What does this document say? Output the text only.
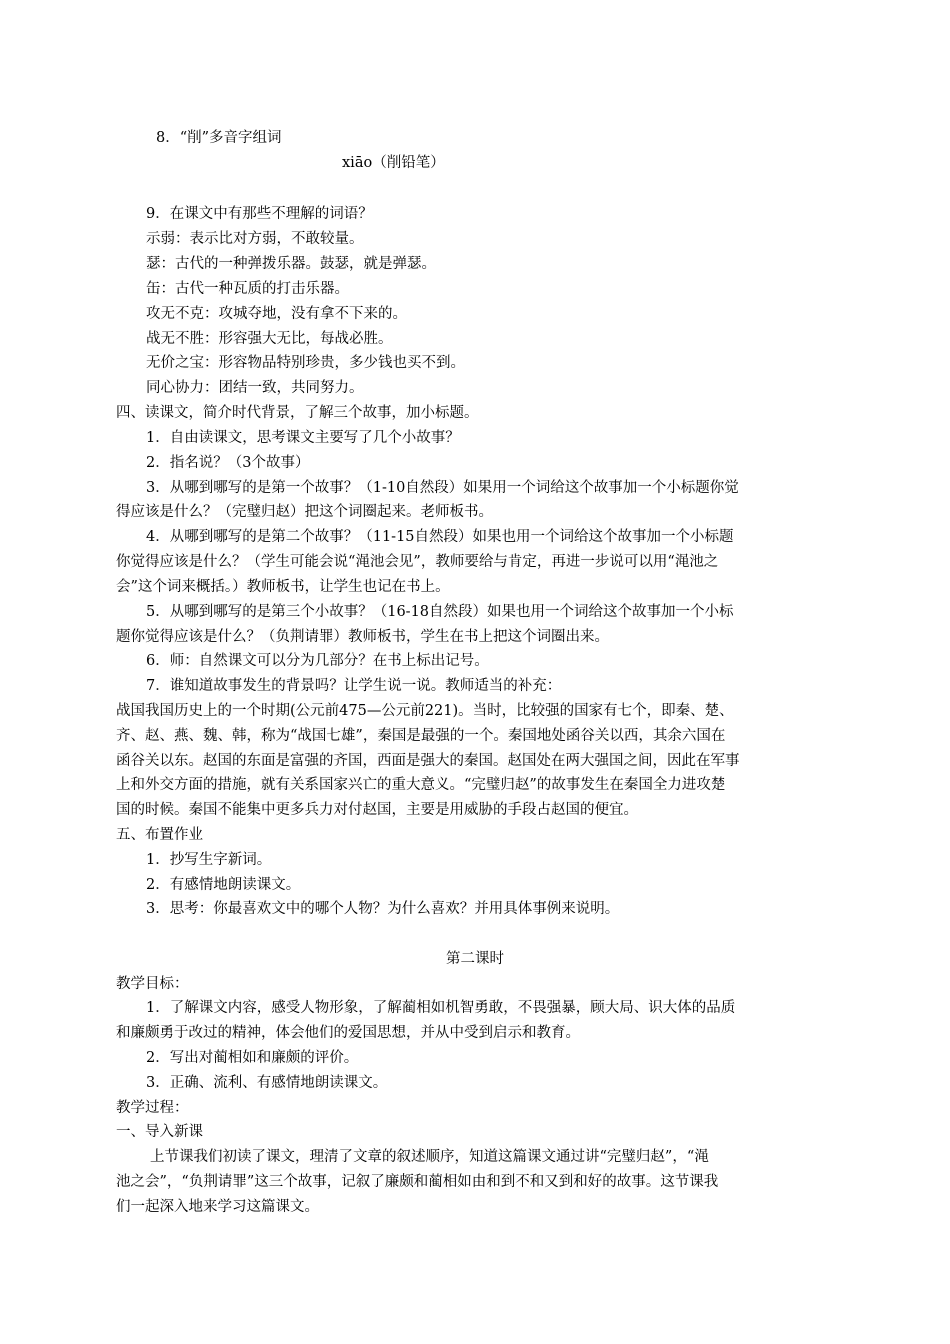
8．“削”多音字组词
xiāo（削铅笔）
9．在课文中有那些不理解的词语？
示弱：表示比对方弱，不敢较量。
瑟：古代的一种弹拨乐器。鼓瑟，就是弹瑟。
缶：古代一种瓦质的打击乐器。
攻无不克：攻城夺地，没有拿不下来的。
战无不胜：形容强大无比，每战必胜。
无价之宝：形容物品特别珍贵，多少钱也买不到。
同心协力：团结一致，共同努力。
四、读课文，简介时代背景，了解三个故事，加小标题。
1．自由读课文，思考课文主要写了几个小故事？
2．指名说？（3个故事）
3．从哪到哪写的是第一个故事？（1-10自然段）如果用一个词给这个故事加一个小标题你觉
得应该是什么？（完璧归赵）把这个词圈起来。老师板书。
4．从哪到哪写的是第二个故事？（11-15自然段）如果也用一个词给这个故事加一个小标题
你觉得应该是什么？（学生可能会说“渑池会见”，教师要给与肯定，再进一步说可以用“渑池之
会”这个词来概括。）教师板书，让学生也记在书上。
5．从哪到哪写的是第三个小故事？（16-18自然段）如果也用一个词给这个故事加一个小标
题你觉得应该是什么？（负荆请罪）教师板书，学生在书上把这个词圈出来。
6．师：自然课文可以分为几部分？在书上标出记号。
7．谁知道故事发生的背景吗？让学生说一说。教师适当的补充：
战国我国历史上的一个时期(公元前475—公元前221)。当时，比较强的国家有七个，即秦、楚、
齐、赵、燕、魏、韩，称为“战国七雄”，秦国是最强的一个。秦国地处函谷关以西，其余六国在
函谷关以东。赵国的东面是富强的齐国，西面是强大的秦国。赵国处在两大强国之间，因此在军事
上和外交方面的措施，就有关系国家兴亡的重大意义。“完璧归赵”的故事发生在秦国全力进攻楚
国的时候。秦国不能集中更多兵力对付赵国，主要是用威胁的手段占赵国的便宜。
五、布置作业
1．抄写生字新词。
2．有感情地朗读课文。
3．思考：你最喜欢文中的哪个人物？为什么喜欢？并用具体事例来说明。
第二课时
教学目标：
1．了解课文内容，感受人物形象，了解蔺相如机智勇敢，不畏强暴，顾大局、识大体的品质
和廉颇勇于改过的精神，体会他们的爱国思想，并从中受到启示和教育。
2．写出对蔺相如和廉颇的评价。
3．正确、流利、有感情地朗读课文。
教学过程：
一、导入新课
上节课我们初读了课文，理清了文章的叙述顺序，知道这篇课文通过讲“完璧归赵”，“渑
池之会”，“负荆请罪”这三个故事，记叙了廉颇和蔺相如由和到不和又到和好的故事。这节课我
们一起深入地来学习这篇课文。
